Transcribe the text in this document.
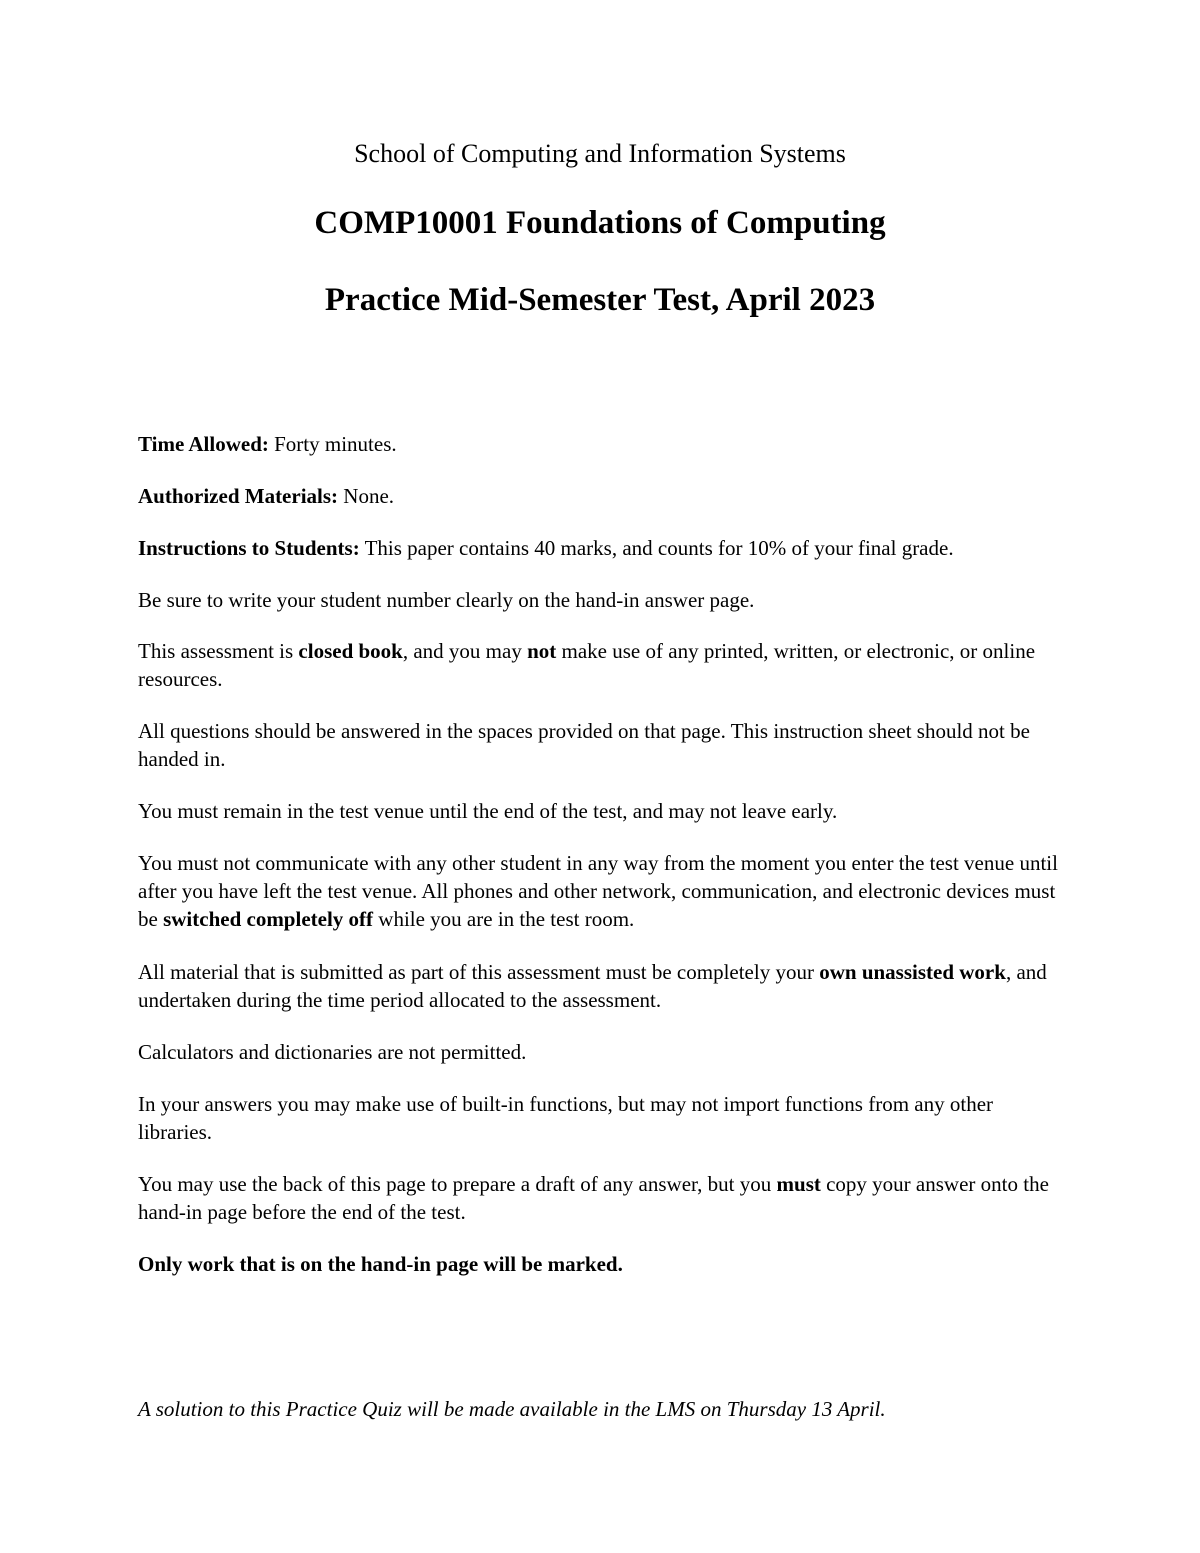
School of Computing and Information Systems
COMP10001 Foundations of Computing
Practice Mid-Semester Test, April 2023

Time Allowed: Forty minutes.

Authorized Materials: None.

Instructions to Students: This paper contains 40 marks, and counts for 10% of your final grade.

Be sure to write your student number clearly on the hand-in answer page.

This assessment is closed book, and you may not make use of any printed, written, or electronic, or online resources.

All questions should be answered in the spaces provided on that page. This instruction sheet should not be handed in.

You must remain in the test venue until the end of the test, and may not leave early.

You must not communicate with any other student in any way from the moment you enter the test venue until after you have left the test venue. All phones and other network, communication, and electronic devices must be switched completely off while you are in the test room.

All material that is submitted as part of this assessment must be completely your own unassisted work, and undertaken during the time period allocated to the assessment.

Calculators and dictionaries are not permitted.

In your answers you may make use of built-in functions, but may not import functions from any other libraries.

You may use the back of this page to prepare a draft of any answer, but you must copy your answer onto the hand-in page before the end of the test.

Only work that is on the hand-in page will be marked.

A solution to this Practice Quiz will be made available in the LMS on Thursday 13 April.
